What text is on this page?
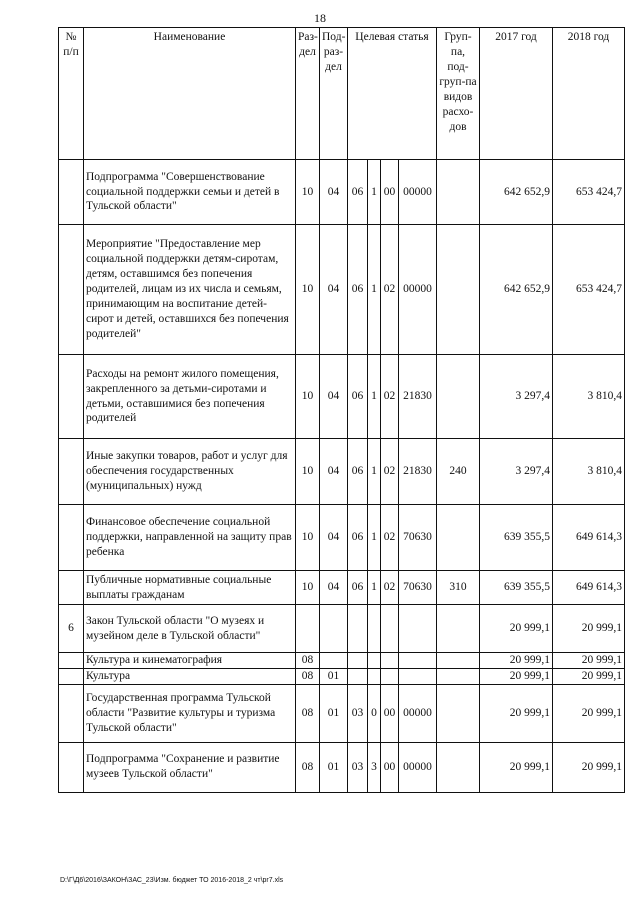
18
№ п/п	Наименование	Раз-дел	Под-раз-дел	Целевая статья				Груп-па, под-груп-па видов расхо-дов	2017 год	2018 год
	Подпрограмма "Совершенствование социальной поддержки семьи и детей в Тульской области"	10	04	06	1	00	00000		642 652,9	653 424,7
	Мероприятие "Предоставление мер социальной поддержки детям-сиротам, детям, оставшимся без попечения родителей, лицам из их числа и семьям, принимающим на воспитание детей-сирот и детей, оставшихся без попечения родителей"	10	04	06	1	02	00000		642 652,9	653 424,7
	Расходы на ремонт жилого помещения, закрепленного за детьми-сиротами и детьми, оставшимися без попечения родителей	10	04	06	1	02	21830		3 297,4	3 810,4
	Иные закупки товаров, работ и услуг для обеспечения государственных (муниципальных) нужд	10	04	06	1	02	21830	240	3 297,4	3 810,4
	Финансовое обеспечение социальной поддержки, направленной на защиту прав ребенка	10	04	06	1	02	70630		639 355,5	649 614,3
	Публичные нормативные социальные выплаты гражданам	10	04	06	1	02	70630	310	639 355,5	649 614,3
6	Закон Тульской области "О музеях и музейном деле в Тульской области"								20 999,1	20 999,1
	Культура и кинематография	08							20 999,1	20 999,1
	Культура	08	01						20 999,1	20 999,1
	Государственная программа Тульской области "Развитие культуры и туризма Тульской области"	08	01	03	0	00	00000		20 999,1	20 999,1
	Подпрограмма "Сохранение и развитие музеев Тульской области"	08	01	03	3	00	00000		20 999,1	20 999,1
D:\Г\Д6\2016\ЗАКОН\ЗАС_23\Изм. бюджет ТО 2016-2018_2 чт\pr7.xls
